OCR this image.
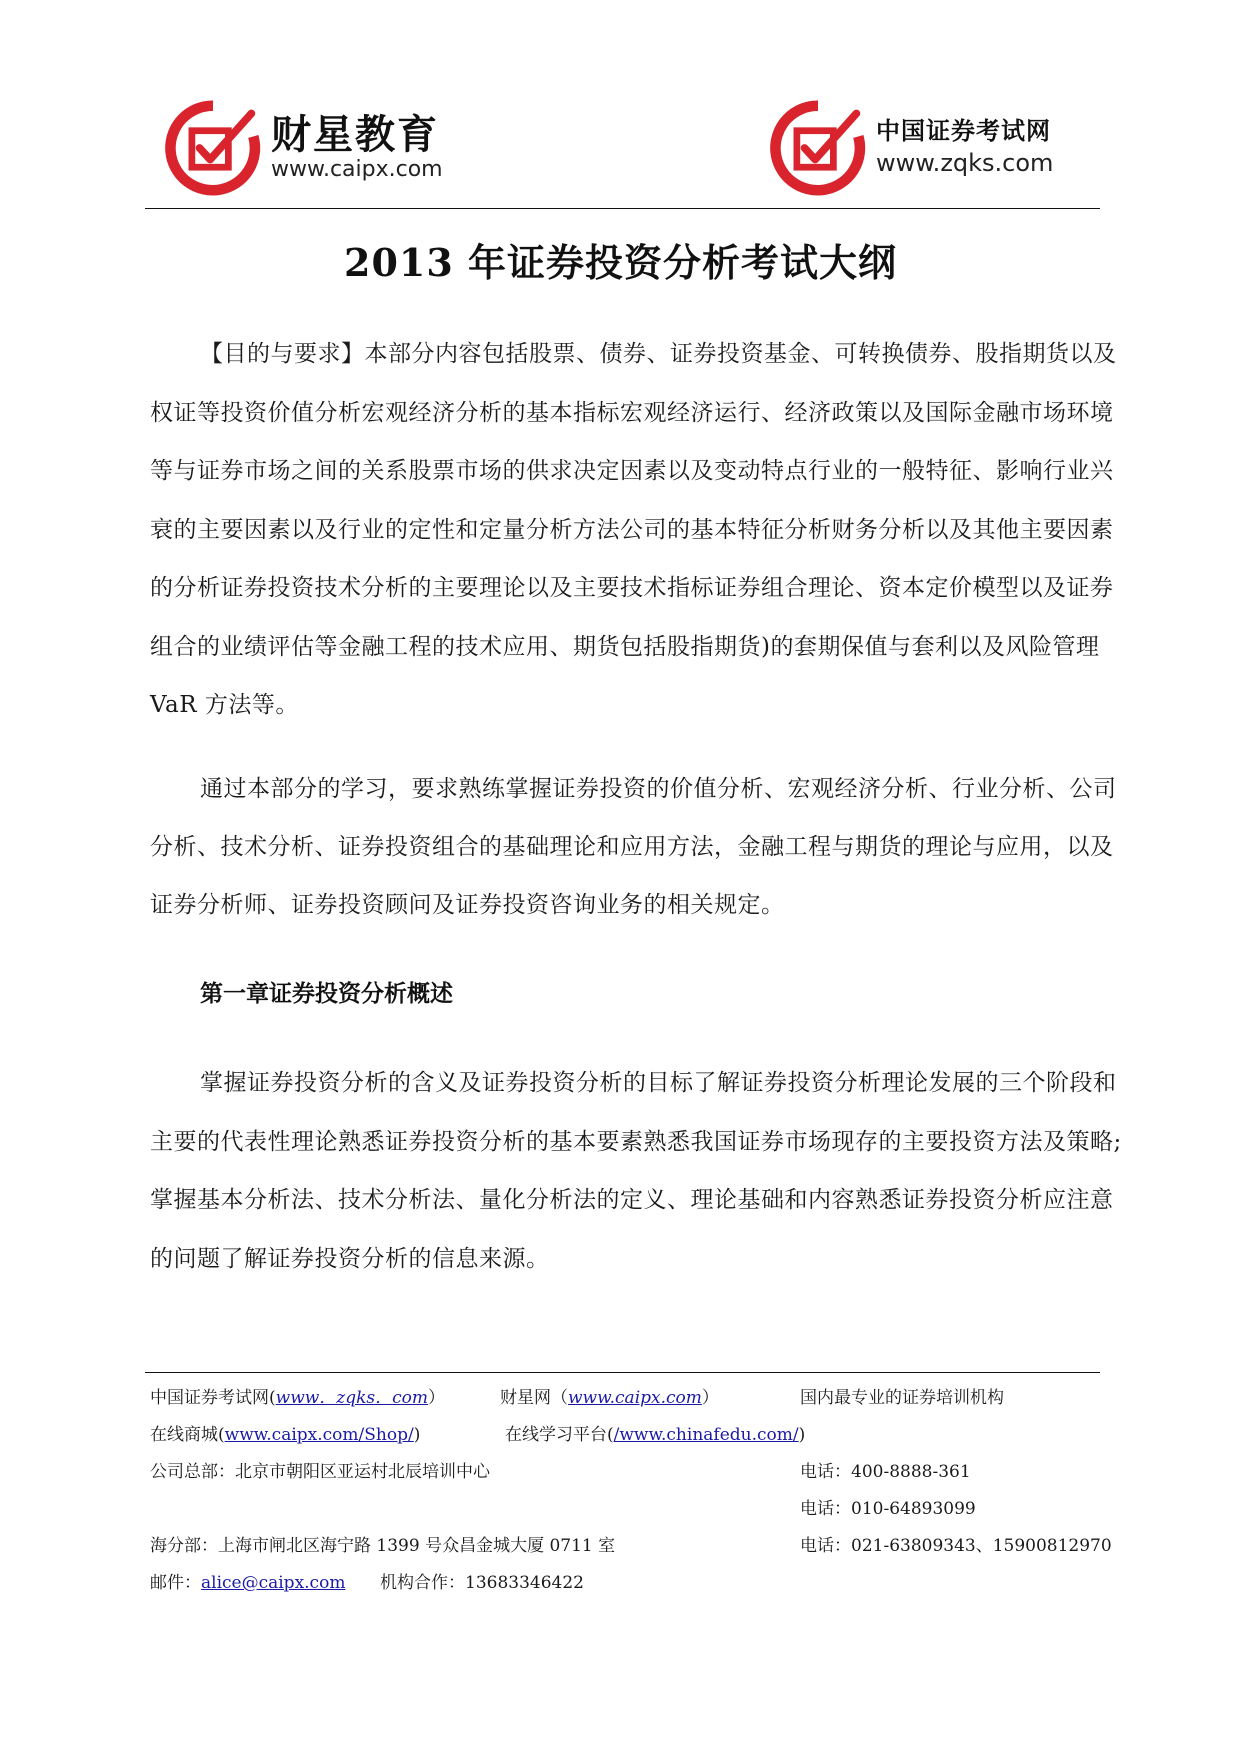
财星教育
www.caipx.com
中国证券考试网
www.zqks.com
2013 年证券投资分析考试大纲

【目的与要求】本部分内容包括股票、债券、证券投资基金、可转换债券、股指期货以及权证等投资价值分析宏观经济分析的基本指标宏观经济运行、经济政策以及国际金融市场环境等与证券市场之间的关系股票市场的供求决定因素以及变动特点行业的一般特征、影响行业兴衰的主要因素以及行业的定性和定量分析方法公司的基本特征分析财务分析以及其他主要因素的分析证券投资技术分析的主要理论以及主要技术指标证券组合理论、资本定价模型以及证券组合的业绩评估等金融工程的技术应用、期货包括股指期货)的套期保值与套利以及风险管理VaR 方法等。

通过本部分的学习，要求熟练掌握证券投资的价值分析、宏观经济分析、行业分析、公司分析、技术分析、证券投资组合的基础理论和应用方法，金融工程与期货的理论与应用，以及证券分析师、证券投资顾问及证券投资咨询业务的相关规定。

第一章证券投资分析概述

掌握证券投资分析的含义及证券投资分析的目标了解证券投资分析理论发展的三个阶段和主要的代表性理论熟悉证券投资分析的基本要素熟悉我国证券市场现存的主要投资方法及策略;掌握基本分析法、技术分析法、量化分析法的定义、理论基础和内容熟悉证券投资分析应注意的问题了解证券投资分析的信息来源。

中国证券考试网(www．zqks．com）	财星网（www.caipx.com）	国内最专业的证券培训机构
在线商城(www.caipx.com/Shop/)	在线学习平台(/www.chinafedu.com/)
公司总部：北京市朝阳区亚运村北辰培训中心	电话：400-8888-361
电话：010-64893099
海分部：上海市闸北区海宁路 1399 号众昌金城大厦 0711 室	电话：021-63809343、15900812970
邮件：alice@caipx.com 机构合作：13683346422
